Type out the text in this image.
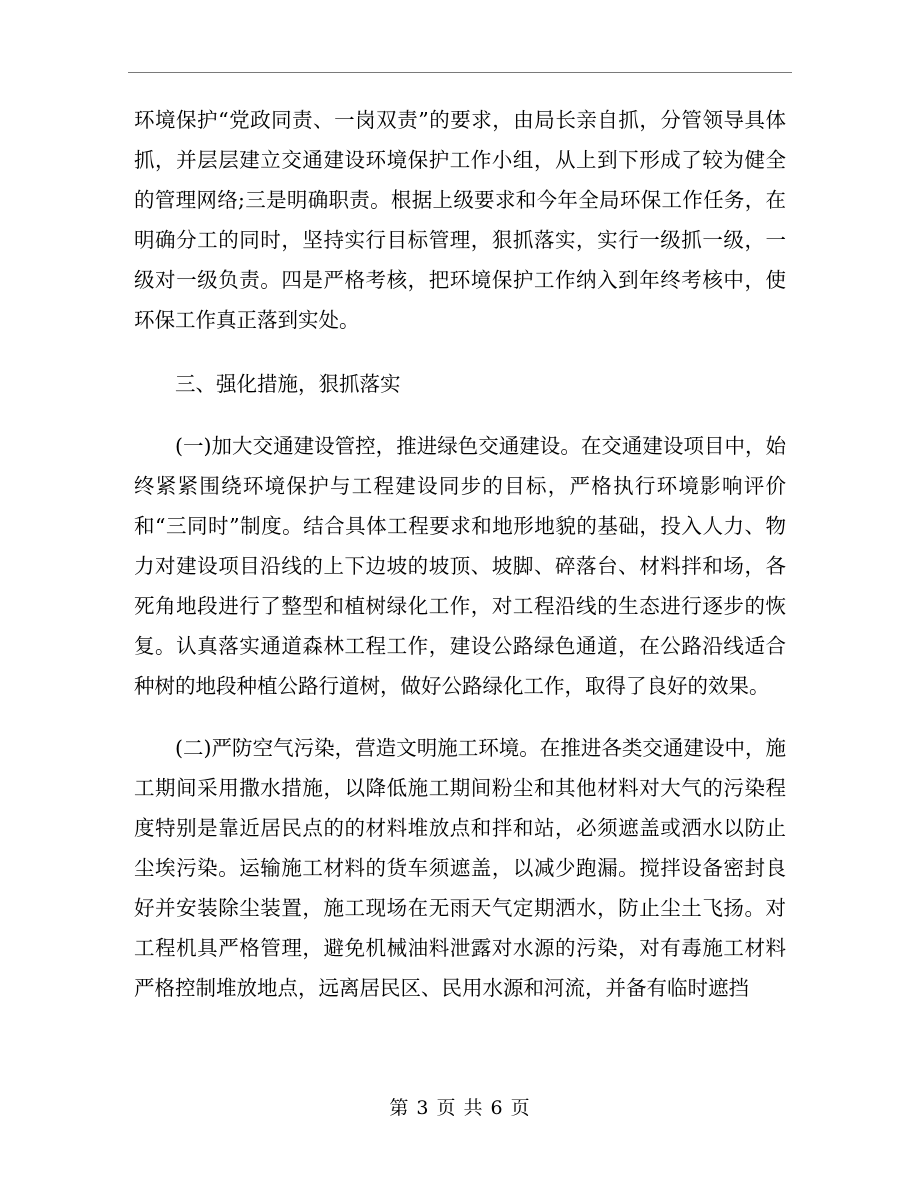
环境保护“党政同责、一岗双责”的要求，由局长亲自抓，分管领导具体抓，并层层建立交通建设环境保护工作小组，从上到下形成了较为健全的管理网络;三是明确职责。根据上级要求和今年全局环保工作任务，在明确分工的同时，坚持实行目标管理，狠抓落实，实行一级抓一级，一级对一级负责。四是严格考核，把环境保护工作纳入到年终考核中，使环保工作真正落到实处。

三、强化措施，狠抓落实

(一)加大交通建设管控，推进绿色交通建设。在交通建设项目中，始终紧紧围绕环境保护与工程建设同步的目标，严格执行环境影响评价和“三同时”制度。结合具体工程要求和地形地貌的基础，投入人力、物力对建设项目沿线的上下边坡的坡顶、坡脚、碎落台、材料拌和场，各死角地段进行了整型和植树绿化工作，对工程沿线的生态进行逐步的恢复。认真落实通道森林工程工作，建设公路绿色通道，在公路沿线适合种树的地段种植公路行道树，做好公路绿化工作，取得了良好的效果。

(二)严防空气污染，营造文明施工环境。在推进各类交通建设中，施工期间采用撒水措施，以降低施工期间粉尘和其他材料对大气的污染程度特别是靠近居民点的的材料堆放点和拌和站，必须遮盖或洒水以防止尘埃污染。运输施工材料的货车须遮盖，以减少跑漏。搅拌设备密封良好并安装除尘装置，施工现场在无雨天气定期洒水，防止尘土飞扬。对工程机具严格管理，避免机械油料泄露对水源的污染，对有毒施工材料严格控制堆放地点，远离居民区、民用水源和河流，并备有临时遮挡

第 3 页 共 6 页
